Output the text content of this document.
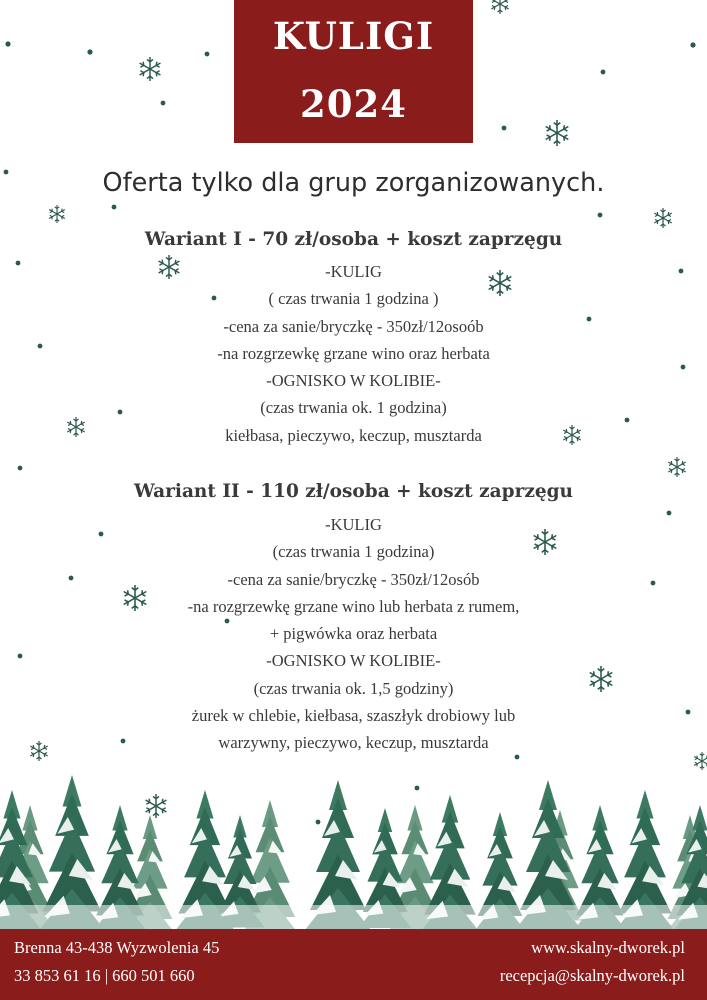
KULIGI
2024
Oferta tylko dla grup zorganizowanych.
Wariant I - 70 zł/osoba + koszt zaprzęgu
-KULIG
( czas trwania 1 godzina )
-cena za sanie/bryczkę - 350zł/12osoób
-na rozgrzewkę grzane wino oraz herbata
-OGNISKO W KOLIBIE-
(czas trwania ok. 1 godzina)
kiełbasa, pieczywo, keczup, musztarda
Wariant II - 110 zł/osoba + koszt zaprzęgu
-KULIG
(czas trwania 1 godzina)
-cena za sanie/bryczkę - 350zł/12osób
-na rozgrzewkę grzane wino lub herbata z rumem,
+ pigwówka oraz herbata
-OGNISKO W KOLIBIE-
(czas trwania ok. 1,5 godziny)
żurek w chlebie, kiełbasa, szaszłyk drobiowy lub
warzywny, pieczywo, keczup, musztarda
Brenna 43-438 Wyzwolenia 45
33 853 61 16 | 660 501 660
www.skalny-dworek.pl
recepcja@skalny-dworek.pl
